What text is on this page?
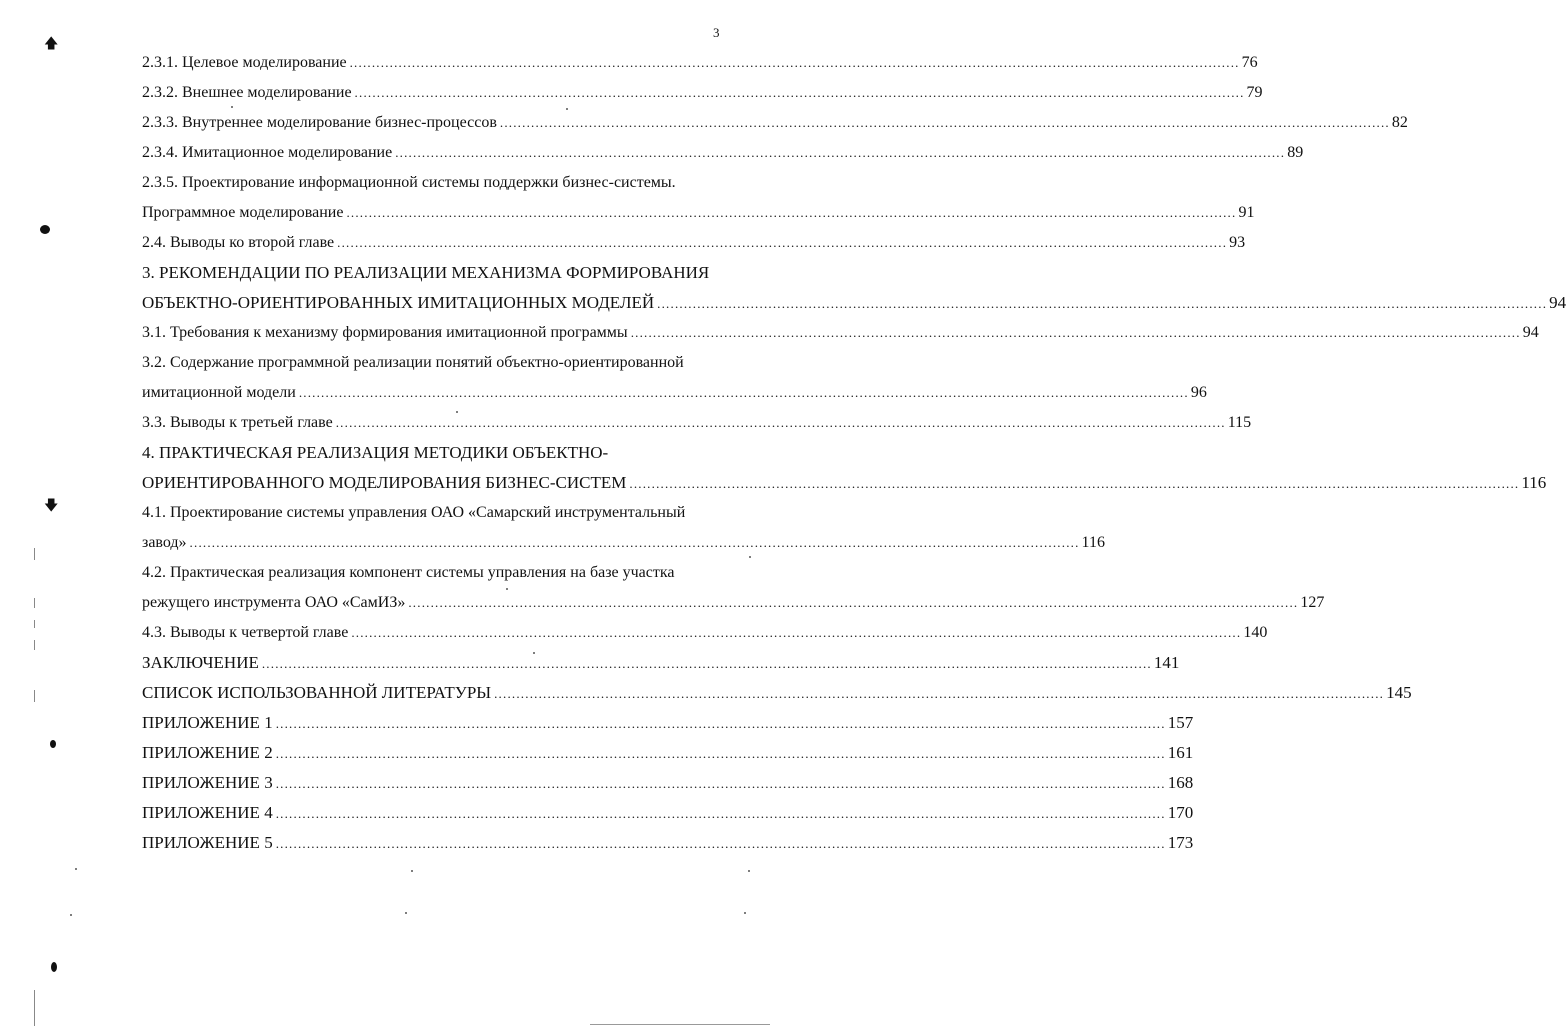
3
2.3.1. Целевое моделирование ........................................................................................................................................................................................................ 76
2.3.2. Внешнее моделирование ........................................................................................................................................................................................................ 79
2.3.3. Внутреннее моделирование бизнес-процессов ........................................................................................................................................................................................................ 82
2.3.4. Имитационное моделирование ........................................................................................................................................................................................................ 89
2.3.5. Проектирование информационной системы поддержки бизнес-системы.
Программное моделирование ........................................................................................................................................................................................................ 91
2.4. Выводы ко второй главе ........................................................................................................................................................................................................ 93
3. РЕКОМЕНДАЦИИ ПО РЕАЛИЗАЦИИ МЕХАНИЗМА ФОРМИРОВАНИЯ
ОБЪЕКТНО-ОРИЕНТИРОВАННЫХ ИМИТАЦИОННЫХ МОДЕЛЕЙ ........................................................................................................................................................................................................ 94
3.1. Требования к механизму формирования имитационной программы ........................................................................................................................................................................................................ 94
3.2. Содержание программной реализации понятий объектно-ориентированной
имитационной модели ........................................................................................................................................................................................................ 96
3.3. Выводы к третьей главе ........................................................................................................................................................................................................ 115
4. ПРАКТИЧЕСКАЯ РЕАЛИЗАЦИЯ МЕТОДИКИ ОБЪЕКТНО-
ОРИЕНТИРОВАННОГО МОДЕЛИРОВАНИЯ БИЗНЕС-СИСТЕМ ........................................................................................................................................................................................................ 116
4.1. Проектирование системы управления ОАО «Самарский инструментальный
завод» ........................................................................................................................................................................................................ 116
4.2. Практическая реализация компонент системы управления на базе участка
режущего инструмента ОАО «СамИЗ» ........................................................................................................................................................................................................ 127
4.3. Выводы к четвертой главе ........................................................................................................................................................................................................ 140
ЗАКЛЮЧЕНИЕ ........................................................................................................................................................................................................ 141
СПИСОК ИСПОЛЬЗОВАННОЙ ЛИТЕРАТУРЫ ........................................................................................................................................................................................................ 145
ПРИЛОЖЕНИЕ 1 ........................................................................................................................................................................................................ 157
ПРИЛОЖЕНИЕ 2 ........................................................................................................................................................................................................ 161
ПРИЛОЖЕНИЕ 3 ........................................................................................................................................................................................................ 168
ПРИЛОЖЕНИЕ 4 ........................................................................................................................................................................................................ 170
ПРИЛОЖЕНИЕ 5 ........................................................................................................................................................................................................ 173
🡅
🡇
